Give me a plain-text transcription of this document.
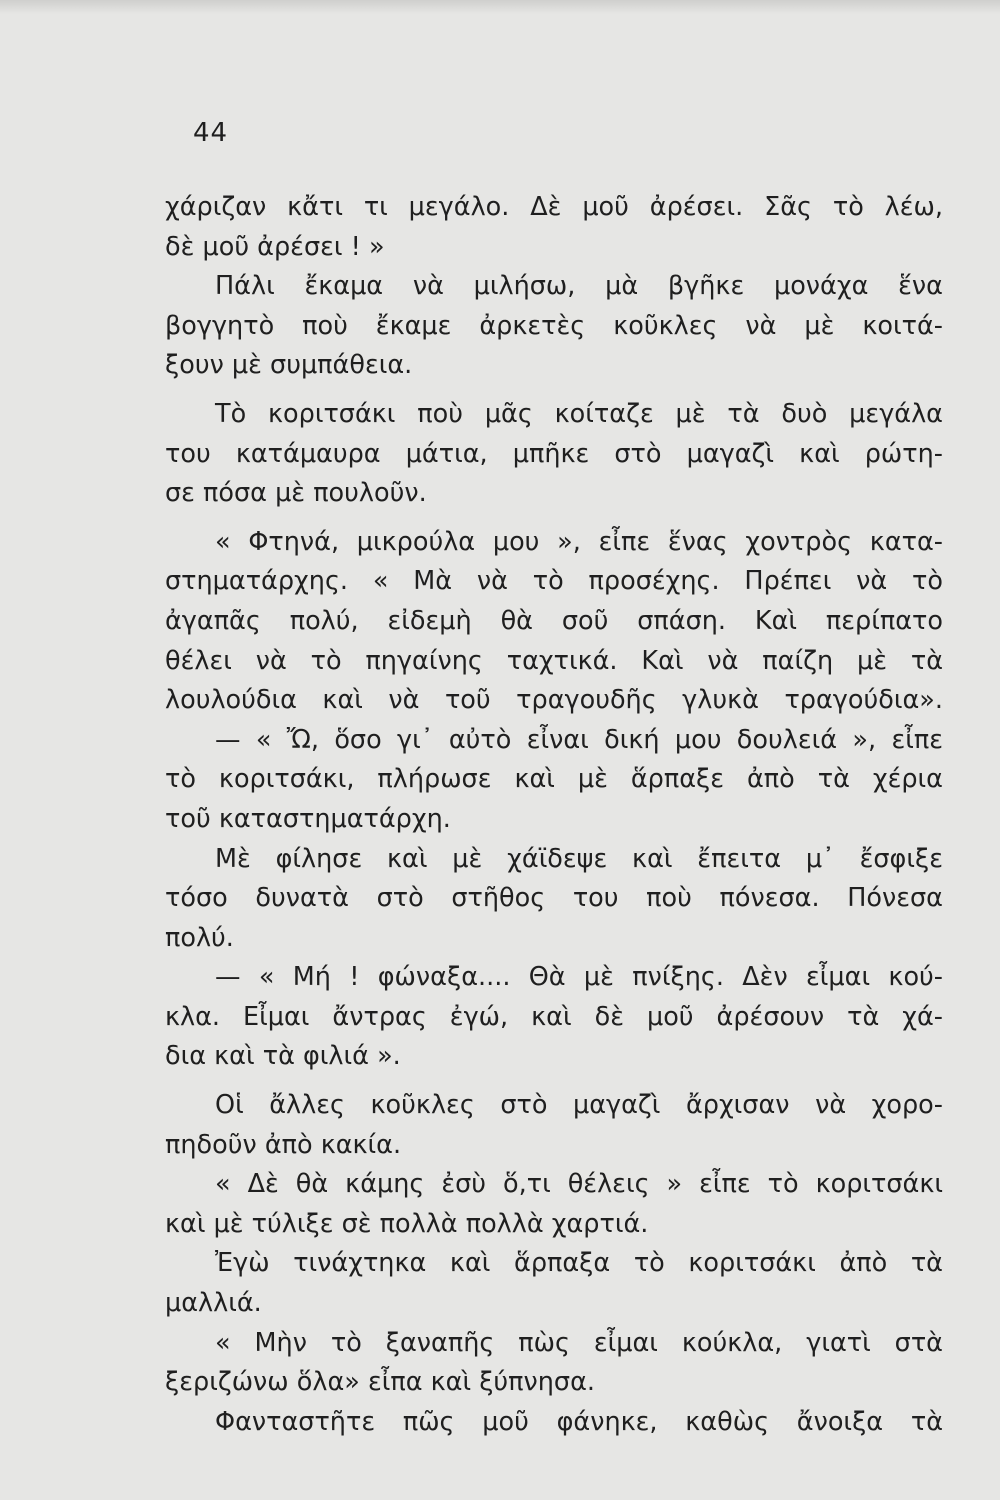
44
χάριζαν κἄτι τι μεγάλο. Δὲ μοῦ ἀρέσει. Σᾶς τὸ λέω,
δὲ μοῦ ἀρέσει ! »
Πάλι ἔκαμα νὰ μιλήσω, μὰ βγῆκε μονάχα ἕνα
βογγητὸ ποὺ ἔκαμε ἀρκετὲς κοῦκλες νὰ μὲ κοιτά-
ξουν μὲ συμπάθεια.
Τὸ κοριτσάκι ποὺ μᾶς κοίταζε μὲ τὰ δυὸ μεγάλα
του κατάμαυρα μάτια, μπῆκε στὸ μαγαζὶ καὶ ρώτη-
σε πόσα μὲ πουλοῦν.
« Φτηνά, μικρούλα μου », εἶπε ἕνας χοντρὸς κατα-
στηματάρχης. « Μὰ νὰ τὸ προσέχης. Πρέπει νὰ τὸ
ἀγαπᾶς πολύ, εἰδεμὴ θὰ σοῦ σπάση. Καὶ περίπατο
θέλει νὰ τὸ πηγαίνης ταχτικά. Καὶ νὰ παίζη μὲ τὰ
λουλούδια καὶ νὰ τοῦ τραγουδῆς γλυκὰ τραγούδια».
— « Ὤ, ὅσο γι᾽ αὐτὸ εἶναι δική μου δουλειά », εἶπε
τὸ κοριτσάκι, πλήρωσε καὶ μὲ ἅρπαξε ἀπὸ τὰ χέρια
τοῦ καταστηματάρχη.
Μὲ φίλησε καὶ μὲ χάϊδεψε καὶ ἔπειτα μ᾽ ἔσφιξε
τόσο δυνατὰ στὸ στῆθος του ποὺ πόνεσα. Πόνεσα
πολύ.
— « Μή ! φώναξα.... Θὰ μὲ πνίξης. Δὲν εἶμαι κού-
κλα. Εἶμαι ἄντρας ἐγώ, καὶ δὲ μοῦ ἀρέσουν τὰ χά-
δια καὶ τὰ φιλιά ».
Οἱ ἄλλες κοῦκλες στὸ μαγαζὶ ἄρχισαν νὰ χορο-
πηδοῦν ἀπὸ κακία.
« Δὲ θὰ κάμης ἐσὺ ὅ,τι θέλεις » εἶπε τὸ κοριτσάκι
καὶ μὲ τύλιξε σὲ πολλὰ πολλὰ χαρτιά.
Ἐγὼ τινάχτηκα καὶ ἅρπαξα τὸ κοριτσάκι ἀπὸ τὰ
μαλλιά.
« Μὴν τὸ ξαναπῆς πὼς εἶμαι κούκλα, γιατὶ στὰ
ξεριζώνω ὅλα» εἶπα καὶ ξύπνησα.
Φανταστῆτε πῶς μοῦ φάνηκε, καθὼς ἄνοιξα τὰ
